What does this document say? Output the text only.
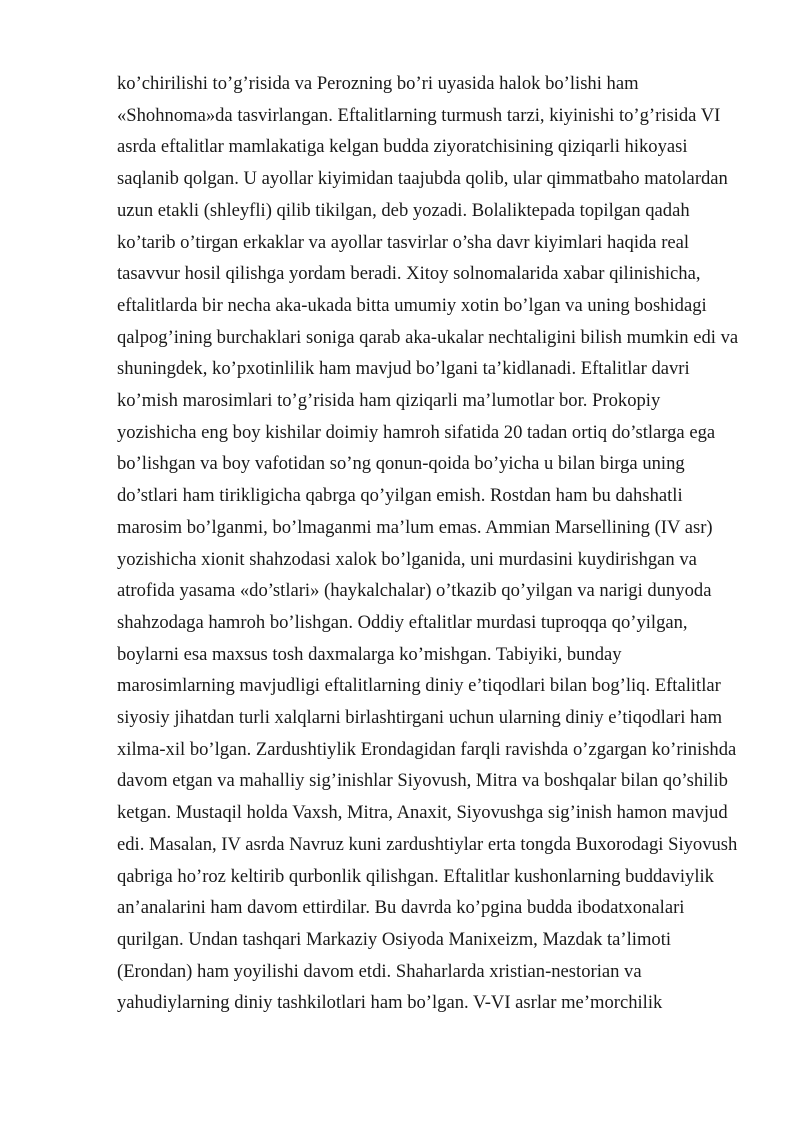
ko’chirilishi to’g’risida va Perozning bo’ri uyasida halok bo’lishi ham
«Shohnoma»da tasvirlangan. Eftalitlarning turmush tarzi, kiyinishi to’g’risida VI
asrda eftalitlar mamlakatiga kelgan budda ziyoratchisining qiziqarli hikoyasi
saqlanib qolgan. U ayollar kiyimidan taajubda qolib, ular qimmatbaho matolardan
uzun etakli (shleyfli) qilib tikilgan, deb yozadi. Bolaliktepada topilgan qadah
ko’tarib o’tirgan erkaklar va ayollar tasvirlar o’sha davr kiyimlari haqida real
tasavvur hosil qilishga yordam beradi. Xitoy solnomalarida xabar qilinishicha,
eftalitlarda bir necha aka-ukada bitta umumiy xotin bo’lgan va uning boshidagi
qalpog’ining burchaklari soniga qarab aka-ukalar nechtaligini bilish mumkin edi va
shuningdek, ko’pxotinlilik ham mavjud bo’lgani ta’kidlanadi. Eftalitlar davri
ko’mish marosimlari to’g’risida ham qiziqarli ma’lumotlar bor. Prokopiy
yozishicha eng boy kishilar doimiy hamroh sifatida 20 tadan ortiq do’stlarga ega
bo’lishgan va boy vafotidan so’ng qonun-qoida bo’yicha u bilan birga uning
do’stlari ham tirikligicha qabrga qo’yilgan emish. Rostdan ham bu dahshatli
marosim bo’lganmi, bo’lmaganmi ma’lum emas. Ammian Marsellining (IV asr)
yozishicha xionit shahzodasi xalok bo’lganida, uni murdasini kuydirishgan va
atrofida yasama «do’stlari» (haykalchalar) o’tkazib qo’yilgan va narigi dunyoda
shahzodaga hamroh bo’lishgan. Oddiy eftalitlar murdasi tuproqqa qo’yilgan,
boylarni esa maxsus tosh daxmalarga ko’mishgan. Tabiyiki, bunday
marosimlarning mavjudligi eftalitlarning diniy e’tiqodlari bilan bog’liq. Eftalitlar
siyosiy jihatdan turli xalqlarni birlashtirgani uchun ularning diniy e’tiqodlari ham
xilma-xil bo’lgan. Zardushtiylik Erondagidan farqli ravishda o’zgargan ko’rinishda
davom etgan va mahalliy sig’inishlar Siyovush, Mitra va boshqalar bilan qo’shilib
ketgan. Mustaqil holda Vaxsh, Mitra, Anaxit, Siyovushga sig’inish hamon mavjud
edi. Masalan, IV asrda Navruz kuni zardushtiylar erta tongda Buxorodagi Siyovush
qabriga ho’roz keltirib qurbonlik qilishgan. Eftalitlar kushonlarning buddaviylik
an’analarini ham davom ettirdilar. Bu davrda ko’pgina budda ibodatxonalari
qurilgan. Undan tashqari Markaziy Osiyoda Manixeizm, Mazdak ta’limoti
(Erondan) ham yoyilishi davom etdi. Shaharlarda xristian-nestorian va
yahudiylarning diniy tashkilotlari ham bo’lgan. V-VI asrlar me’morchilik
